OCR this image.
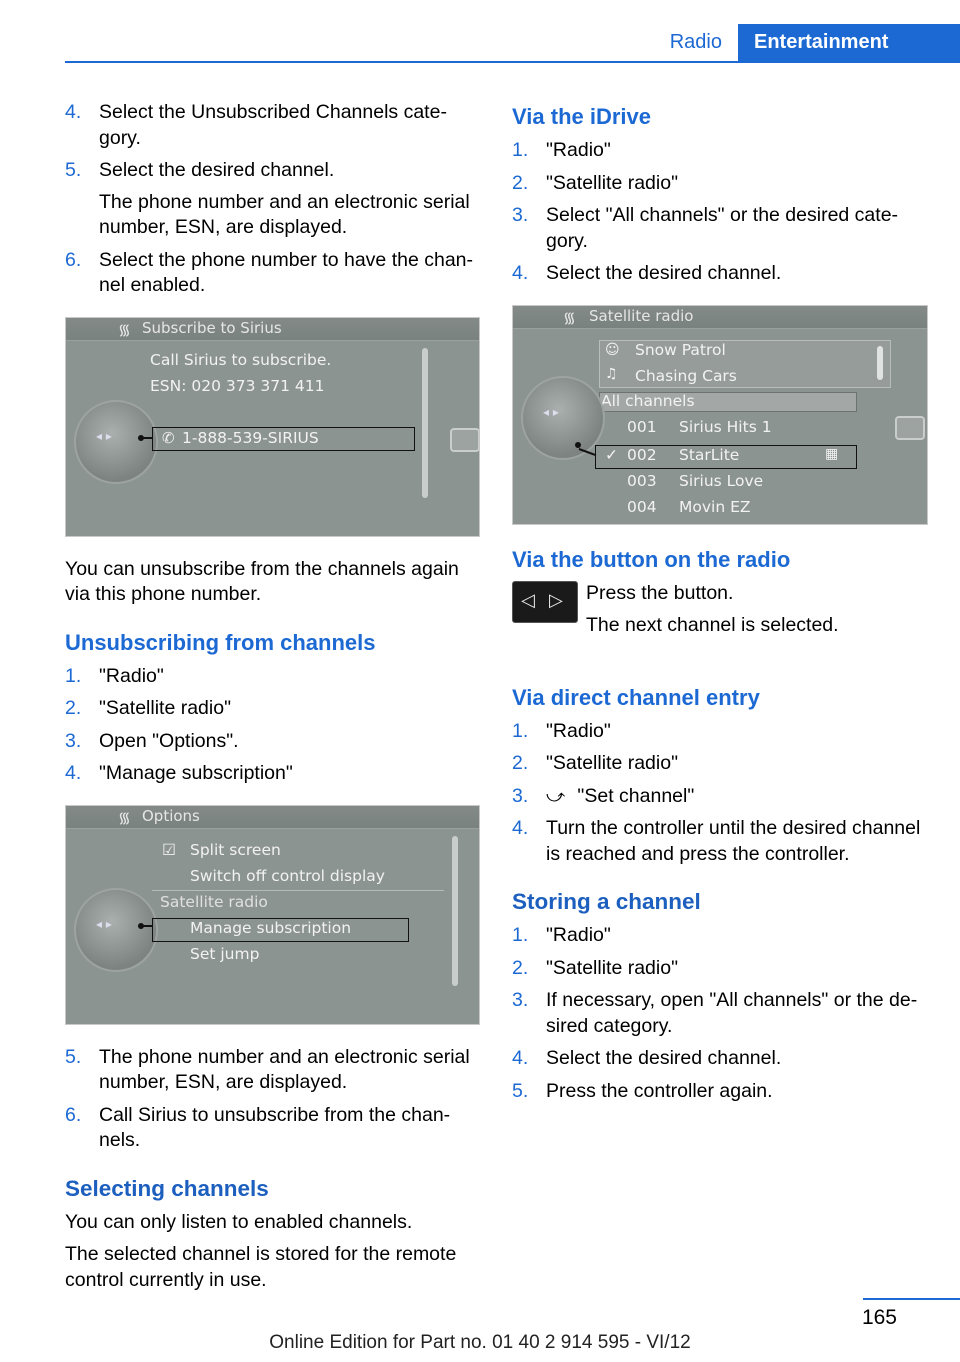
Radio	Entertainment
4. Select the Unsubscribed Channels cate-gory.
5. Select the desired channel.
The phone number and an electronic serial number, ESN, are displayed.
6. Select the phone number to have the chan-nel enabled.
᯾ Subscribe to Sirius
Call Sirius to subscribe.
ESN: 020 373 371 411
◂ ▸	✆ 1-888-539-SIRIUS

You can unsubscribe from the channels again via this phone number.

Unsubscribing from channels
1. "Radio"
2. "Satellite radio"
3. Open "Options".
4. "Manage subscription"
᯾ Options
☑ Split screen
Switch off control display
Satellite radio
◂ ▸	Manage subscription
Set jump
5. The phone number and an electronic serial number, ESN, are displayed.
6. Call Sirius to unsubscribe from the chan-nels.
Selecting channels

You can only listen to enabled channels.

The selected channel is stored for the remote control currently in use.

Via the iDrive
1. "Radio"
2. "Satellite radio"
3. Select "All channels" or the desired cate-gory.
4. Select the desired channel.
᯾ Satellite radio
☺ Snow Patrol
♫ Chasing Cars
All channels
001 Sirius Hits 1
◂ ▸
✓ 002 StarLite	▦
003 Sirius Love
004 Movin EZ
Via the button on the radio
◁ ▷ Press the button.

The next channel is selected.

Via direct channel entry
1. "Radio"
2. "Satellite radio"
3. ⤻ "Set channel"
4. Turn the controller until the desired channel is reached and press the controller.
Storing a channel
1. "Radio"
2. "Satellite radio"
3. If necessary, open "All channels" or the de-sired category.
4. Select the desired channel.
5. Press the controller again.
165
Online Edition for Part no. 01 40 2 914 595 - VI/12
